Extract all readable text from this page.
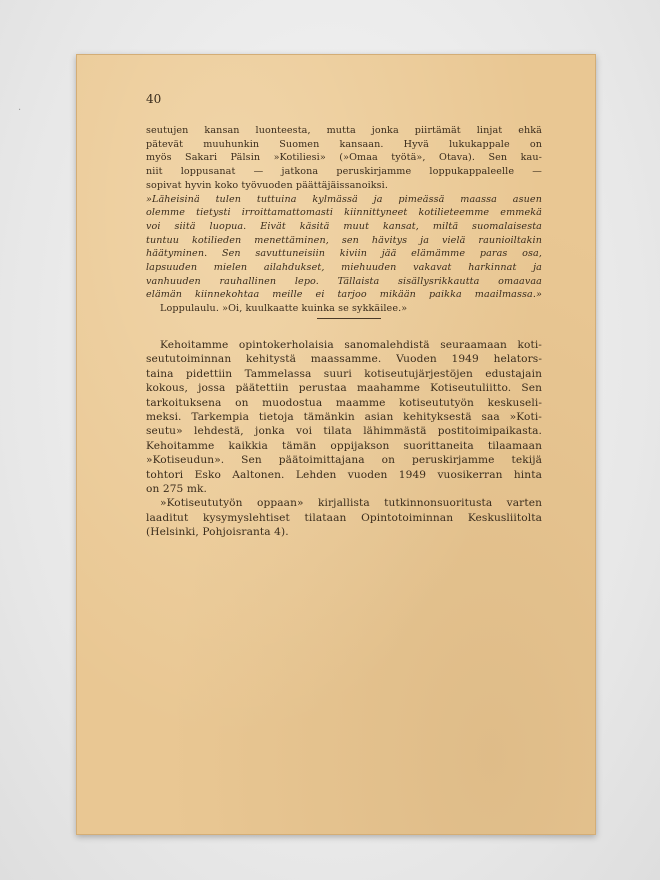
·
40
seutujen kansan luonteesta, mutta jonka piirtämät linjat ehkä
pätevät muuhunkin Suomen kansaan. Hyvä lukukappale on
myös Sakari Pälsin »Kotiliesi» (»Omaa työtä», Otava). Sen kau-
niit loppusanat — jatkona peruskirjamme loppukappaleelle —
sopivat hyvin koko työvuoden päättäjäissanoiksi.
»Läheisinä tulen tuttuina kylmässä ja pimeässä maassa asuen
olemme tietysti irroittamattomasti kiinnittyneet kotilieteemme emmekä
voi siitä luopua. Eivät käsitä muut kansat, miltä suomalaisesta
tuntuu kotilieden menettäminen, sen hävitys ja vielä raunioiltakin
häätyminen. Sen savuttuneisiin kiviin jää elämämme paras osa,
lapsuuden mielen ailahdukset, miehuuden vakavat harkinnat ja
vanhuuden rauhallinen lepo. Tällaista sisällysrikkautta omaavaa
elämän kiinnekohtaa meille ei tarjoo mikään paikka maailmassa.»
Loppulaulu. »Oi, kuulkaatte kuinka se sykkäilee.»
Kehoitamme opintokerholaisia sanomalehdistä seuraamaan koti-
seututoiminnan kehitystä maassamme. Vuoden 1949 helators-
taina pidettiin Tammelassa suuri kotiseutujärjestöjen edustajain
kokous, jossa päätettiin perustaa maahamme Kotiseutuliitto. Sen
tarkoituksena on muodostua maamme kotiseututyön keskuseli-
meksi. Tarkempia tietoja tämänkin asian kehityksestä saa »Koti-
seutu» lehdestä, jonka voi tilata lähimmästä postitoimipaikasta.
Kehoitamme kaikkia tämän oppijakson suorittaneita tilaamaan
»Kotiseudun». Sen päätoimittajana on peruskirjamme tekijä
tohtori Esko Aaltonen. Lehden vuoden 1949 vuosikerran hinta
on 275 mk.
»Kotiseututyön oppaan» kirjallista tutkinnonsuoritusta varten
laaditut kysymyslehtiset tilataan Opintotoiminnan Keskusliitolta
(Helsinki, Pohjoisranta 4).
